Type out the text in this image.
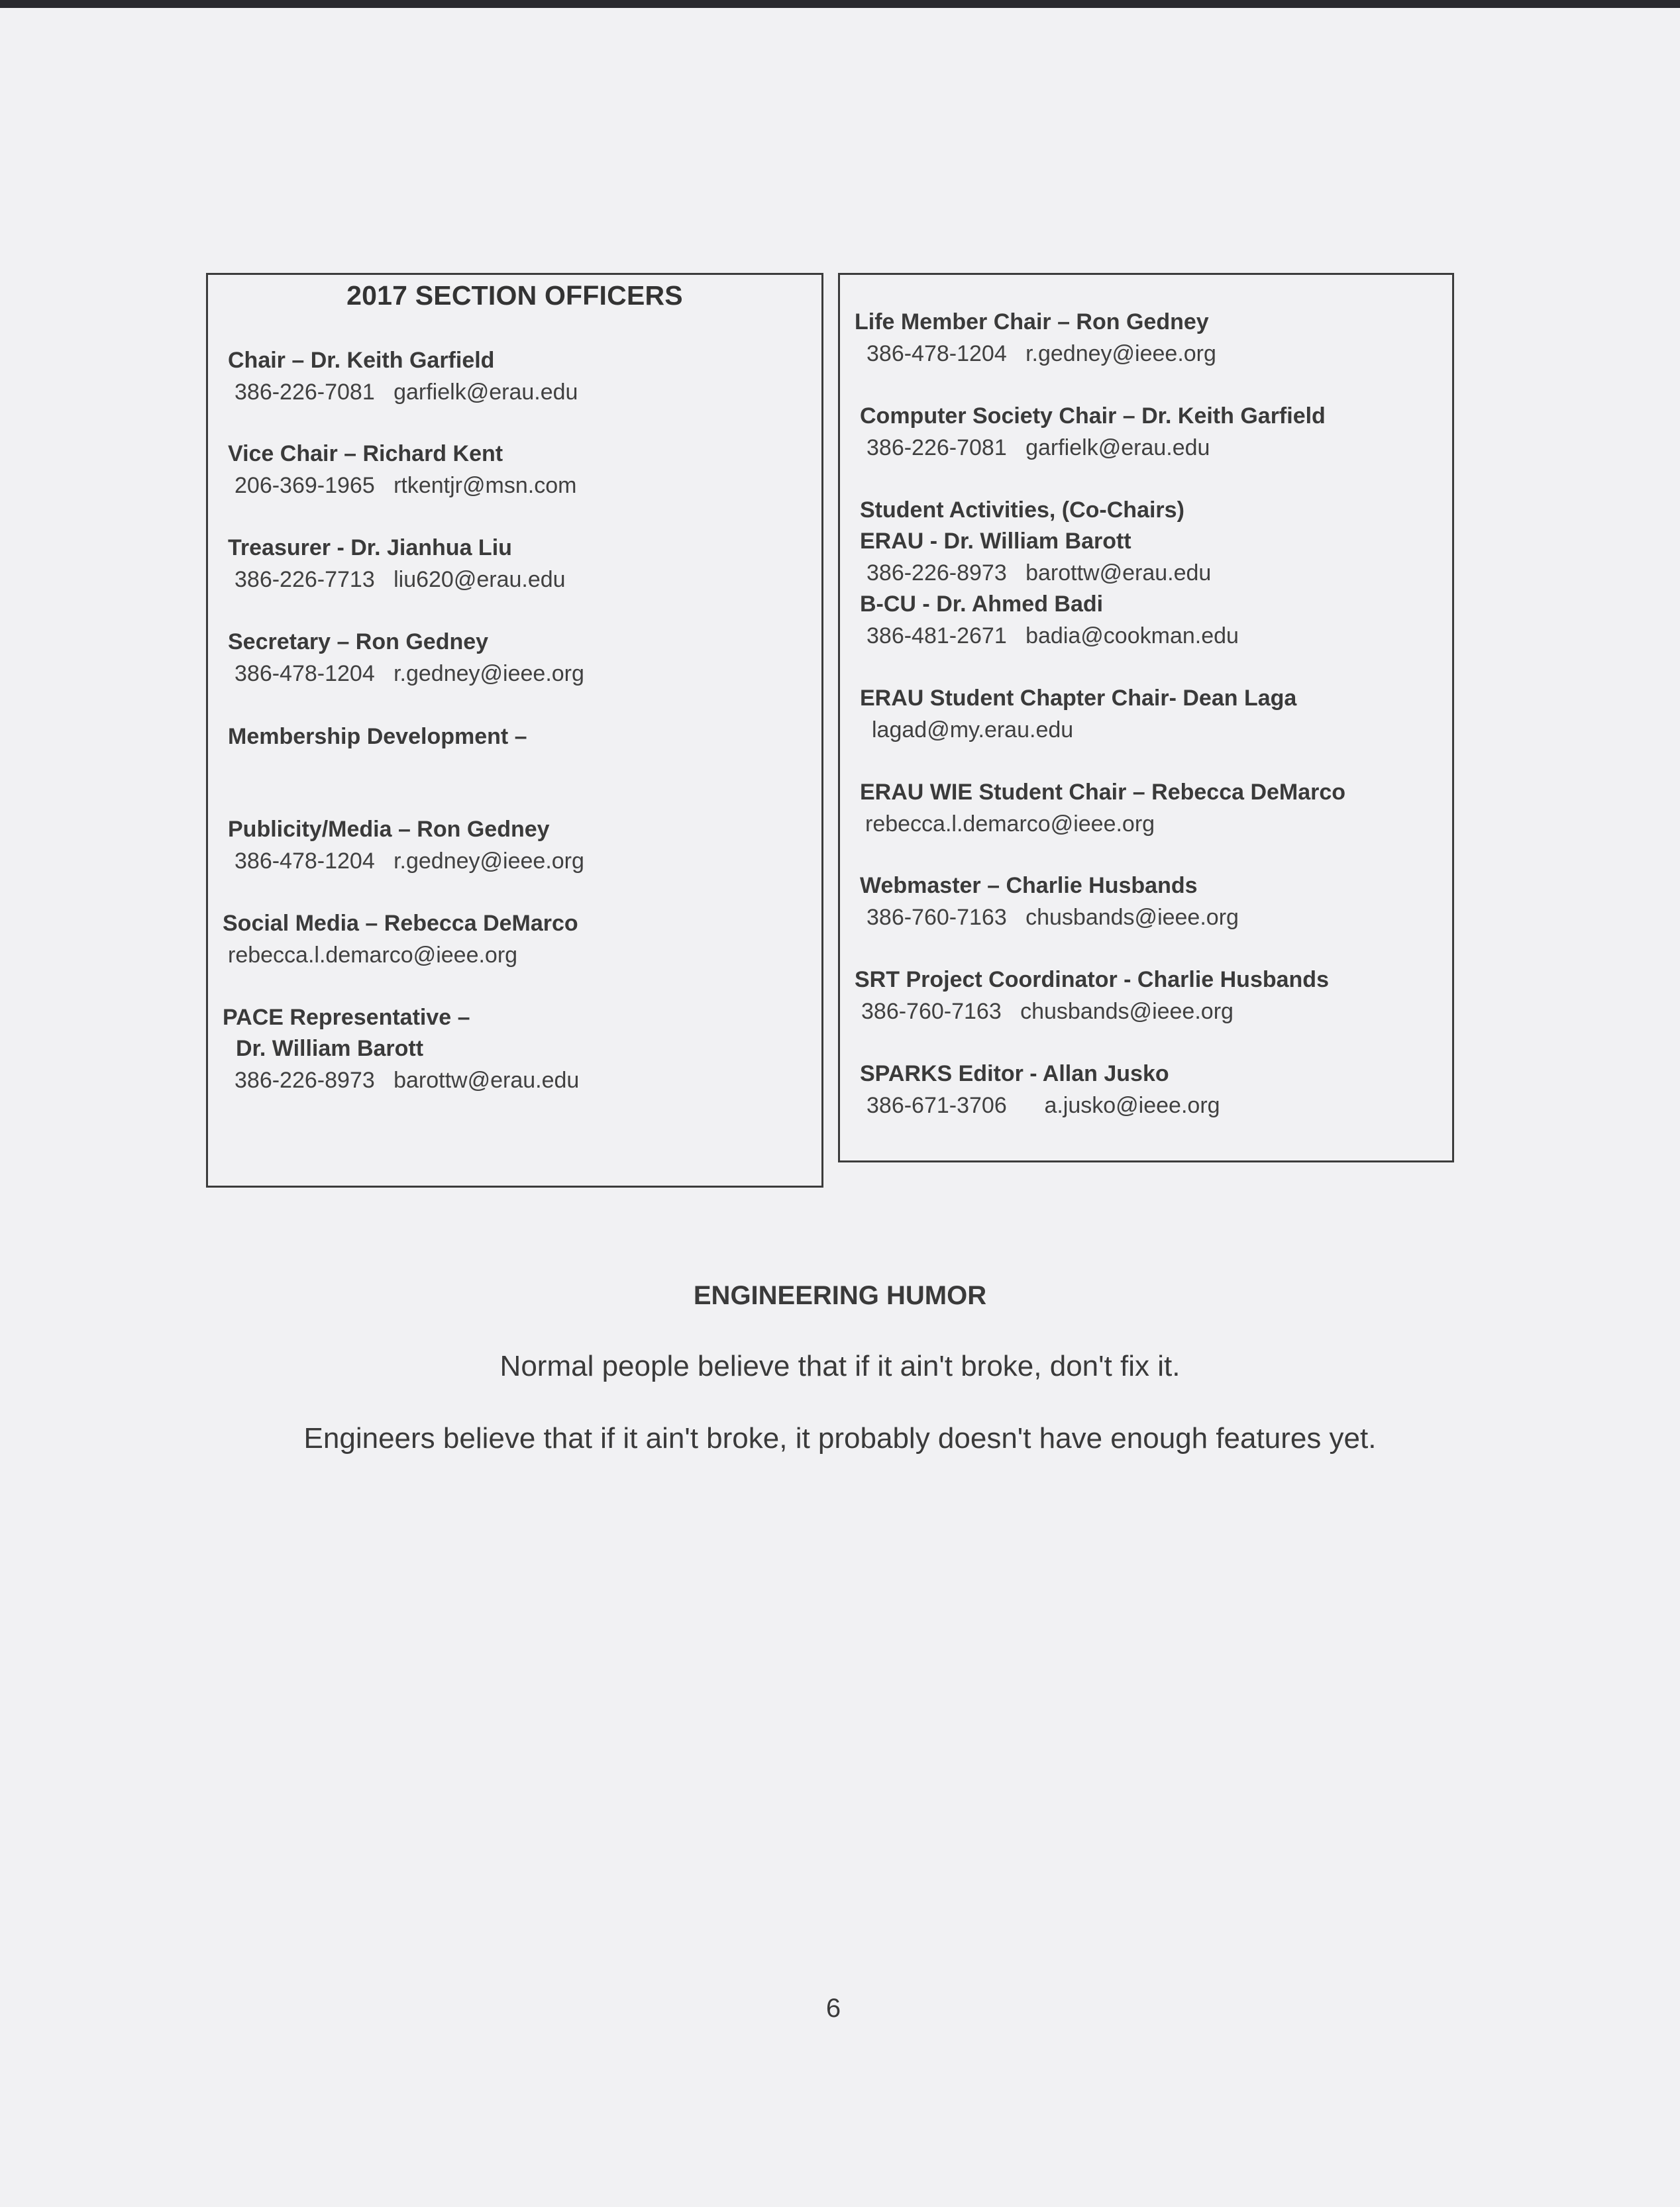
2017 SECTION OFFICERS
Chair – Dr. Keith Garfield
386-226-7081 garfielk@erau.edu
Vice Chair – Richard Kent
206-369-1965 rtkentjr@msn.com
Treasurer - Dr. Jianhua Liu
386-226-7713 liu620@erau.edu
Secretary – Ron Gedney
386-478-1204 r.gedney@ieee.org
Membership Development –
Publicity/Media – Ron Gedney
386-478-1204 r.gedney@ieee.org
Social Media – Rebecca DeMarco
rebecca.l.demarco@ieee.org
PACE Representative –
Dr. William Barott
386-226-8973 barottw@erau.edu
Life Member Chair – Ron Gedney
386-478-1204 r.gedney@ieee.org
Computer Society Chair – Dr. Keith Garfield
386-226-7081 garfielk@erau.edu
Student Activities, (Co-Chairs)
ERAU - Dr. William Barott
386-226-8973 barottw@erau.edu
B-CU - Dr. Ahmed Badi
386-481-2671 badia@cookman.edu
ERAU Student Chapter Chair- Dean Laga
lagad@my.erau.edu
ERAU WIE Student Chair – Rebecca DeMarco
rebecca.l.demarco@ieee.org
Webmaster – Charlie Husbands
386-760-7163 chusbands@ieee.org
SRT Project Coordinator - Charlie Husbands
386-760-7163 chusbands@ieee.org
SPARKS Editor - Allan Jusko
386-671-3706 a.jusko@ieee.org
ENGINEERING HUMOR
Normal people believe that if it ain't broke, don't fix it.
Engineers believe that if it ain't broke, it probably doesn't have enough features yet.
6
